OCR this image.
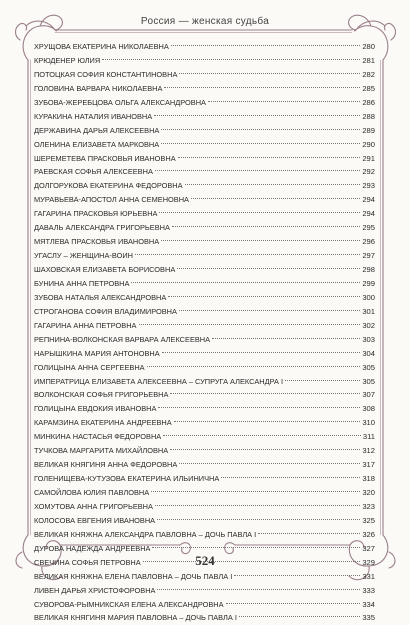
Россия — женская судьба
ХРУЩОВА ЕКАТЕРИНА НИКОЛАЕВНА	280
КРЮДЕНЕР ЮЛИЯ	281
ПОТОЦКАЯ СОФИЯ КОНСТАНТИНОВНА	282
ГОЛОВИНА ВАРВАРА НИКОЛАЕВНА	285
ЗУБОВА-ЖЕРЕБЦОВА ОЛЬГА АЛЕКСАНДРОВНА	286
КУРАКИНА НАТАЛИЯ ИВАНОВНА	288
ДЕРЖАВИНА ДАРЬЯ АЛЕКСЕЕВНА	289
ОЛЕНИНА ЕЛИЗАВЕТА МАРКОВНА	290
ШЕРЕМЕТЕВА ПРАСКОВЬЯ ИВАНОВНА	291
РАЕВСКАЯ СОФЬЯ АЛЕКСЕЕВНА	292
ДОЛГОРУКОВА ЕКАТЕРИНА ФЕДОРОВНА	293
МУРАВЬЕВА-АПОСТОЛ АННА СЕМЕНОВНА	294
ГАГАРИНА ПРАСКОВЬЯ ЮРЬЕВНА	294
ДАВАЛЬ АЛЕКСАНДРА ГРИГОРЬЕВНА	295
МЯТЛЕВА ПРАСКОВЬЯ ИВАНОВНА	296
УГАСЛУ – ЖЕНЩИНА-ВОИН	297
ШАХОВСКАЯ ЕЛИЗАВЕТА БОРИСОВНА	298
БУНИНА АННА ПЕТРОВНА	299
ЗУБОВА НАТАЛЬЯ АЛЕКСАНДРОВНА	300
СТРОГАНОВА СОФИЯ ВЛАДИМИРОВНА	301
ГАГАРИНА АННА ПЕТРОВНА	302
РЕПНИНА-ВОЛКОНСКАЯ ВАРВАРА АЛЕКСЕЕВНА	303
НАРЫШКИНА МАРИЯ АНТОНОВНА	304
ГОЛИЦЫНА АННА СЕРГЕЕВНА	305
ИМПЕРАТРИЦА ЕЛИЗАВЕТА АЛЕКСЕЕВНА – СУПРУГА АЛЕКСАНДРА I	305
ВОЛКОНСКАЯ СОФЬЯ ГРИГОРЬЕВНА	307
ГОЛИЦЫНА ЕВДОКИЯ ИВАНОВНА	308
КАРАМЗИНА ЕКАТЕРИНА АНДРЕЕВНА	310
МИНКИНА НАСТАСЬЯ ФЕДОРОВНА	311
ТУЧКОВА МАРГАРИТА МИХАЙЛОВНА	312
ВЕЛИКАЯ КНЯГИНЯ АННА ФЕДОРОВНА	317
ГОЛЕНИЩЕВА-КУТУЗОВА ЕКАТЕРИНА ИЛЬИНИЧНА	318
САМОЙЛОВА ЮЛИЯ ПАВЛОВНА	320
ХОМУТОВА АННА ГРИГОРЬЕВНА	323
КОЛОСОВА ЕВГЕНИЯ ИВАНОВНА	325
ВЕЛИКАЯ КНЯЖНА АЛЕКСАНДРА ПАВЛОВНА – ДОЧЬ ПАВЛА I	326
ДУРОВА НАДЕЖДА АНДРЕЕВНА	327
СВЕЧИНА СОФЬЯ ПЕТРОВНА	329
ВЕЛИКАЯ КНЯЖНА ЕЛЕНА ПАВЛОВНА – ДОЧЬ ПАВЛА I	331
ЛИВЕН ДАРЬЯ ХРИСТОФОРОВНА	333
СУВОРОВА-РЫМНИКСКАЯ ЕЛЕНА АЛЕКСАНДРОВНА	334
ВЕЛИКАЯ КНЯГИНЯ МАРИЯ ПАВЛОВНА – ДОЧЬ ПАВЛА I	335
524
